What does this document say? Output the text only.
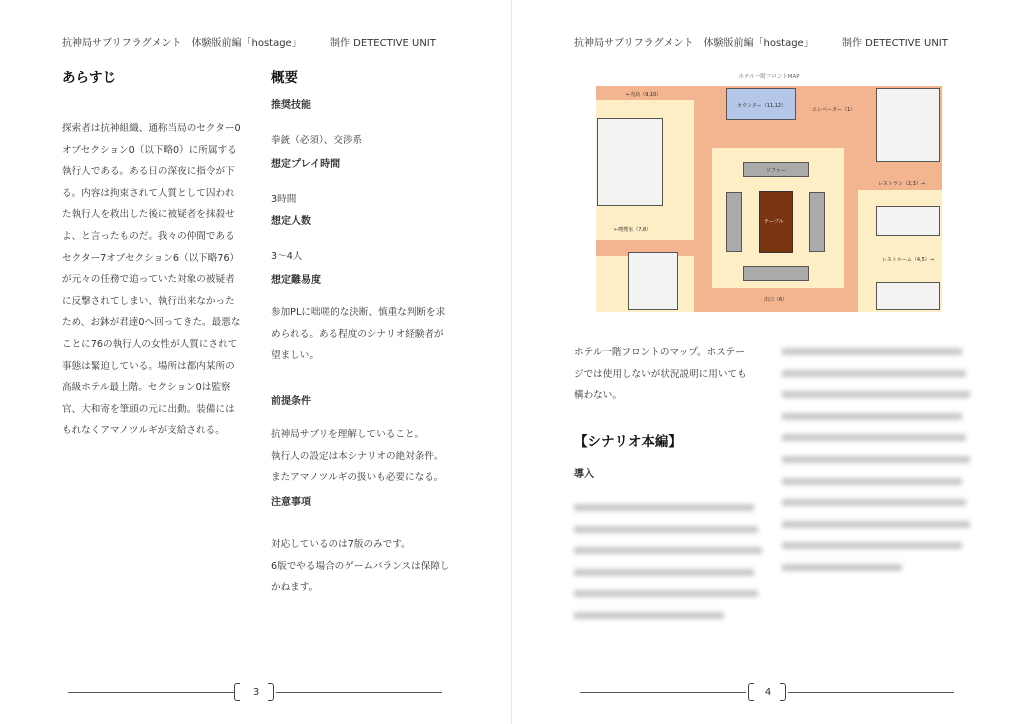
抗神局サブリフラグメント　体験版前編「hostage」	制作 DETECTIVE UNIT
あらすじ
探索者は抗神組織、通称当局のセクター0
オブセクション0（以下略0）に所属する
執行人である。ある日の深夜に指令が下
る。内容は拘束されて人質として囚われ
た執行人を救出した後に被疑者を抹殺せ
よ、と言ったものだ。我々の仲間である
セクター7オブセクション6（以下略76）
が元々の任務で追っていた対象の被疑者
に反撃されてしまい、執行出来なかった
ため、お鉢が君達0へ回ってきた。最悪な
ことに76の執行人の女性が人質にされて
事態は緊迫している。場所は都内某所の
高級ホテル最上階。セクション0は監察
官、大和寄を筆頭の元に出動。装備には
もれなくアマノツルギが支給される。
概要
推奨技能
拳銃（必須）、交渉系
想定プレイ時間
3時間
想定人数
3〜4人
想定難易度
参加PLに咄嗟的な決断、慎重な判断を求
められる。ある程度のシナリオ経験者が
望ましい。
前提条件
抗神局サブリを理解していること。
執行人の設定は本シナリオの絶対条件。
またアマノツルギの扱いも必要になる。
注意事項
対応しているのは7版のみです。
6版でやる場合のゲームバランスは保障し
かねます。
3
抗神局サブリフラグメント　体験版前編「hostage」	制作 DETECTIVE UNIT
ホテル一階フロントMAP
カウンター（11,12）
ソファー
テーブル
←売店（9,10）
エレベーター（1）
レストラン（2,3）→
←喫煙室（7,8）
レストルーム（4,5）→
出口（6）
ホテル一階フロントのマップ。ホステー
ジでは使用しないが状況説明に用いても
構わない。
【シナリオ本編】
導入
4
